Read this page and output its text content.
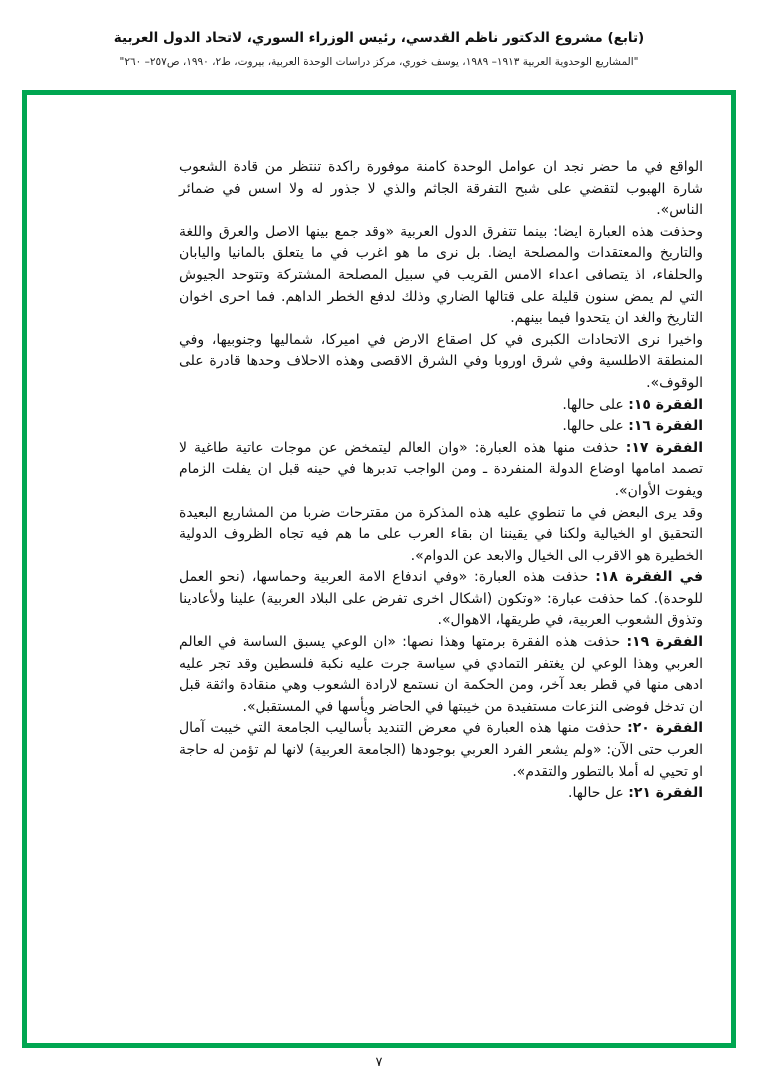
(تابع) مشروع الدكتور ناظم القدسي، رئيس الوزراء السوري، لاتحاد الدول العربية
"المشاريع الوحدوية العربية ١٩١٣– ١٩٨٩، يوسف خوري، مركز دراسات الوحدة العربية، بيروت، ط٢، ١٩٩٠، ص٢٥٧– ٢٦٠"

الواقع في ما حضر نجد ان عوامل الوحدة كامنة موفورة راكدة تنتظر من قادة الشعوب شارة الهبوب لتقضي على شبح التفرقة الجاثم والذي لا جذور له ولا اسس في ضمائر الناس».

وحذفت هذه العبارة ايضا: بينما تتفرق الدول العربية «وقد جمع بينها الاصل والعرق واللغة والتاريخ والمعتقدات والمصلحة ايضا. بل نرى ما هو اغرب في ما يتعلق بالمانيا واليابان والحلفاء، اذ يتصافى اعداء الامس القريب في سبيل المصلحة المشتركة وتتوحد الجيوش التي لم يمض سنون قليلة على قتالها الضاري وذلك لدفع الخطر الداهم. فما احرى اخوان التاريخ والغد ان يتحدوا فيما بينهم.

واخيرا نرى الاتحادات الكبرى في كل اصقاع الارض في اميركا، شماليها وجنوبيها، وفي المنطقة الاطلسية وفي شرق اوروبا وفي الشرق الاقصى وهذه الاحلاف وحدها قادرة على الوقوف».

الفقرة ١٥: على حالها.

الفقرة ١٦: على حالها.

الفقرة ١٧: حذفت منها هذه العبارة: «وان العالم ليتمخض عن موجات عاتية طاغية لا تصمد امامها اوضاع الدولة المنفردة ـ ومن الواجب تدبرها في حينه قبل ان يفلت الزمام ويفوت الأوان».

وقد يرى البعض في ما تنطوي عليه هذه المذكرة من مقترحات ضربا من المشاريع البعيدة التحقيق او الخيالية ولكنا في يقيننا ان بقاء العرب على ما هم فيه تجاه الظروف الدولية الخطيرة هو الاقرب الى الخيال والابعد عن الدوام».

في الفقرة ١٨: حذفت هذه العبارة: «وفي اندفاع الامة العربية وحماسها، (نحو العمل للوحدة). كما حذفت عبارة: «وتكون (اشكال اخرى تفرض على البلاد العربية) علينا ولأعادينا وتذوق الشعوب العربية، في طريقها، الاهوال».

الفقرة ١٩: حذفت هذه الفقرة برمتها وهذا نصها: «ان الوعي يسبق الساسة في العالم العربي وهذا الوعي لن يغتفر التمادي في سياسة جرت عليه نكبة فلسطين وقد تجر عليه ادهى منها في قطر بعد آخر، ومن الحكمة ان نستمع لارادة الشعوب وهي منقادة واثقة قبل ان تدخل فوضى النزعات مستفيدة من خيبتها في الحاضر ويأسها في المستقبل».

الفقرة ٢٠: حذفت منها هذه العبارة في معرض التنديد بأساليب الجامعة التي خيبت آمال العرب حتى الآن: «ولم يشعر الفرد العربي بوجودها (الجامعة العربية) لانها لم تؤمن له حاجة او تحيي له أملا بالتطور والتقدم».

الفقرة ٢١: عل حالها.

٧
